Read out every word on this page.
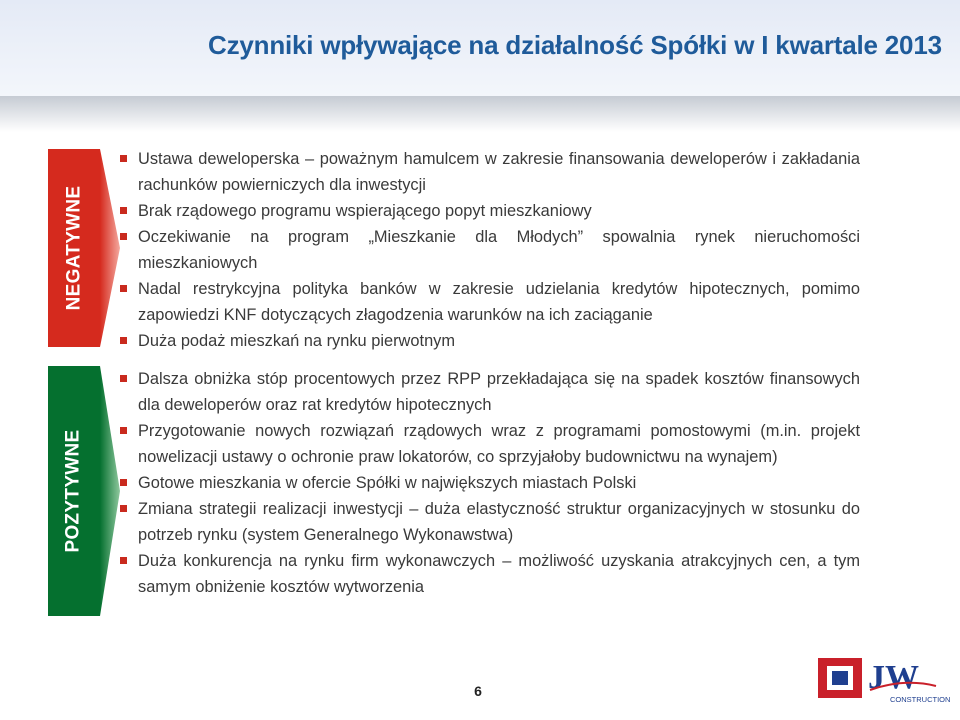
Czynniki wpływające na działalność Spółki w I kwartale 2013
NEGATYWNE
Ustawa deweloperska – poważnym hamulcem w zakresie finansowania deweloperów i zakładania rachunków powierniczych dla inwestycji
Brak rządowego programu wspierającego popyt mieszkaniowy
Oczekiwanie na program „Mieszkanie dla Młodych” spowalnia rynek nieruchomości mieszkaniowych
Nadal restrykcyjna polityka banków w zakresie udzielania kredytów hipotecznych, pomimo zapowiedzi KNF dotyczących złagodzenia warunków na ich zaciąganie
Duża podaż mieszkań na rynku pierwotnym
POZYTYWNE
Dalsza obniżka stóp procentowych przez RPP przekładająca się na spadek kosztów finansowych dla deweloperów oraz rat kredytów hipotecznych
Przygotowanie nowych rozwiązań rządowych wraz z programami pomostowymi (m.in. projekt nowelizacji ustawy o ochronie praw lokatorów, co sprzyjałoby budownictwu na wynajem)
Gotowe mieszkania w ofercie Spółki w największych miastach Polski
Zmiana strategii realizacji inwestycji – duża elastyczność struktur organizacyjnych w stosunku do potrzeb rynku (system Generalnego Wykonawstwa)
Duża konkurencja na rynku firm wykonawczych – możliwość uzyskania atrakcyjnych cen, a tym samym obniżenie kosztów wytworzenia
6	JW
CONSTRUCTION
